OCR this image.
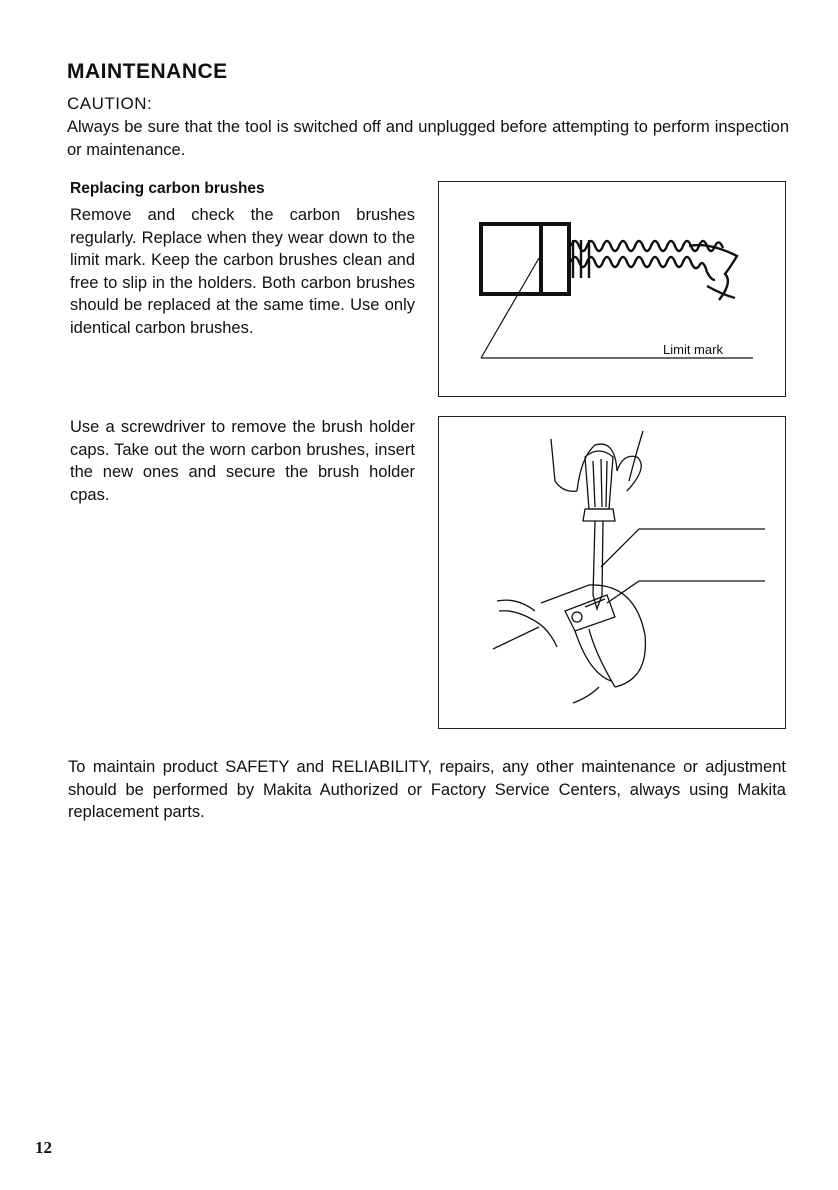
MAINTENANCE
CAUTION:
Always be sure that the tool is switched off and unplugged before attempting to perform inspection or maintenance.
Replacing carbon brushes
Remove and check the carbon brushes regularly. Replace when they wear down to the limit mark. Keep the carbon brushes clean and free to slip in the holders. Both carbon brushes should be replaced at the same time. Use only identical carbon brushes.
Limit mark
Use a screwdriver to remove the brush holder caps. Take out the worn carbon brushes, insert the new ones and secure the brush holder cpas.
To maintain product SAFETY and RELIABILITY, repairs, any other maintenance or adjustment should be performed by Makita Authorized or Factory Service Centers, always using Makita replacement parts.
12
